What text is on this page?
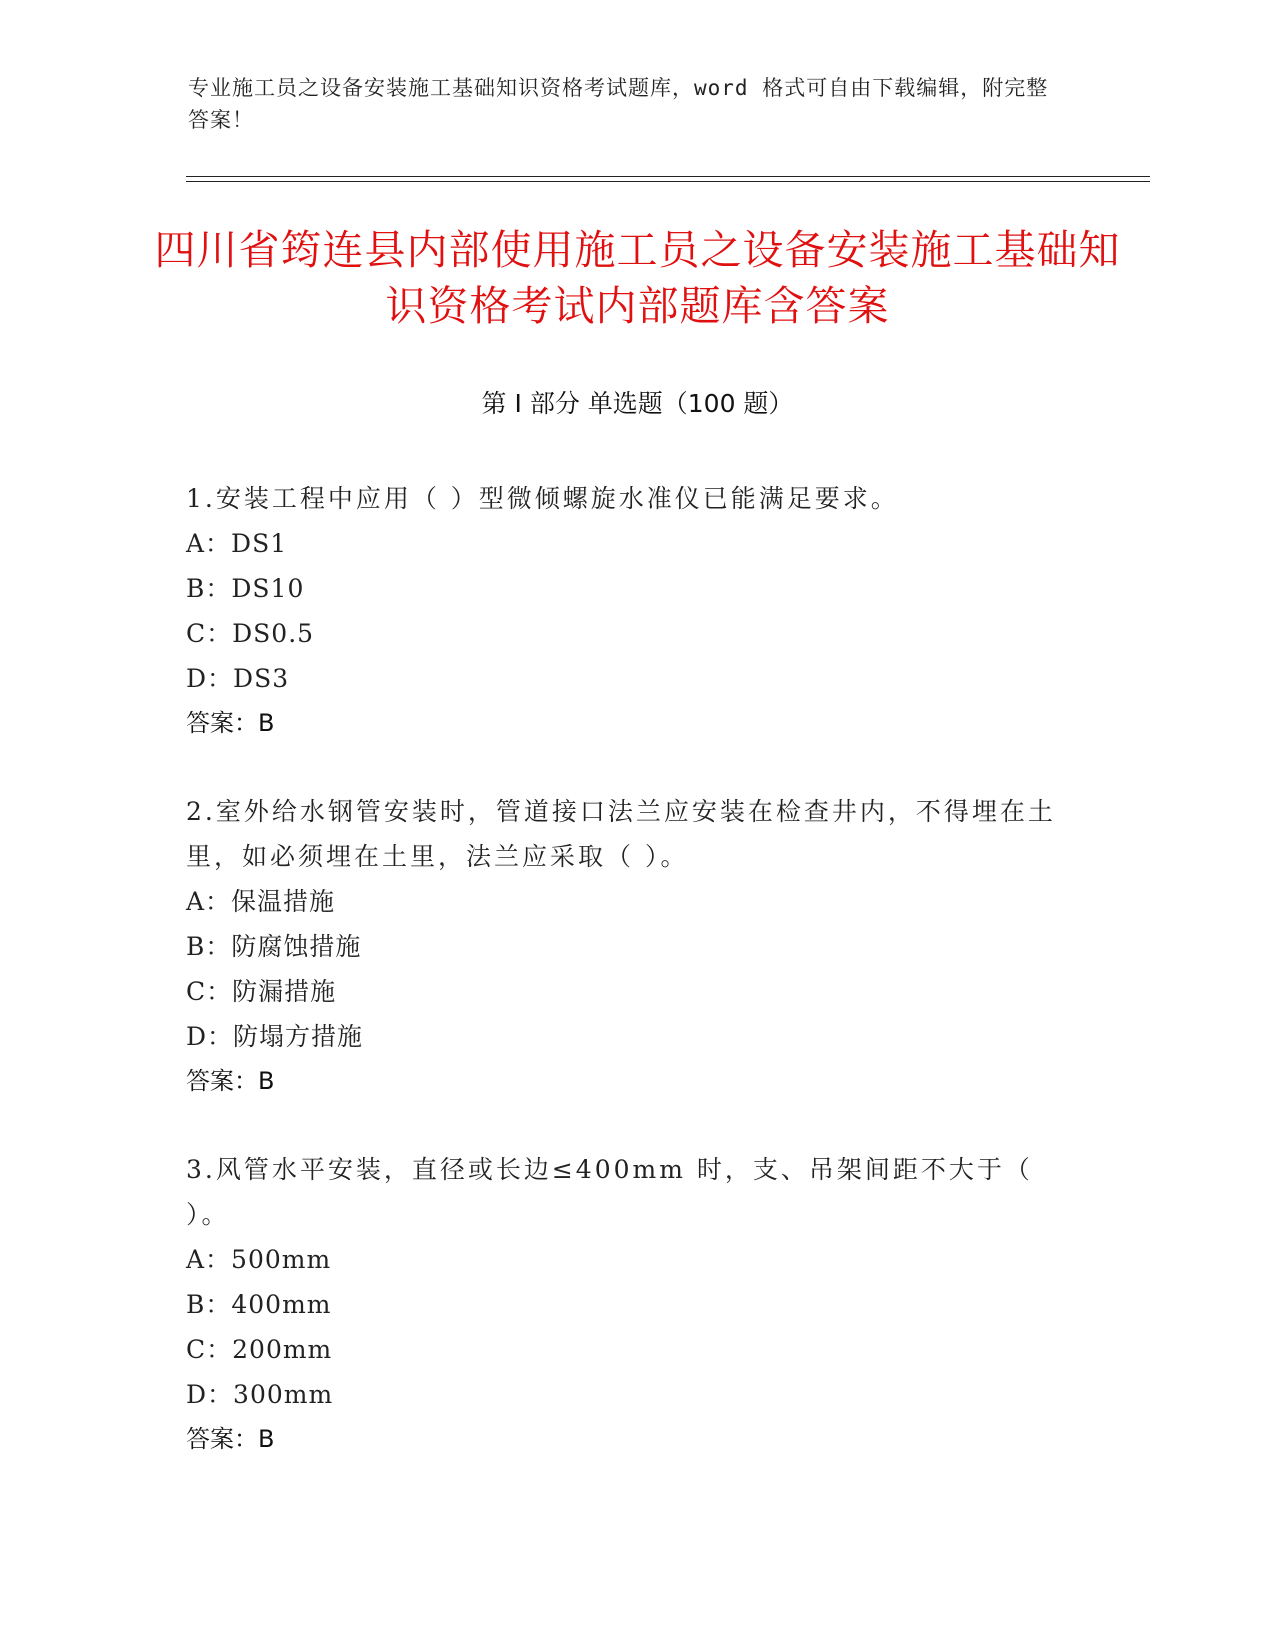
专业施工员之设备安装施工基础知识资格考试题库，word 格式可自由下载编辑，附完整答案！
四川省筠连县内部使用施工员之设备安装施工基础知识资格考试内部题库含答案
第 I 部分 单选题（100 题）

1.安装工程中应用（ ）型微倾螺旋水准仪已能满足要求。

A：DS1

B：DS10

C：DS0.5

D：DS3

答案：B

2.室外给水钢管安装时，管道接口法兰应安装在检查井内，不得埋在土里，如必须埋在土里，法兰应采取（ ）。

A：保温措施

B：防腐蚀措施

C：防漏措施

D：防塌方措施

答案：B

3.风管水平安装，直径或长边≤400mm 时，支、吊架间距不大于（ ）。

A：500mm

B：400mm

C：200mm

D：300mm

答案：B
